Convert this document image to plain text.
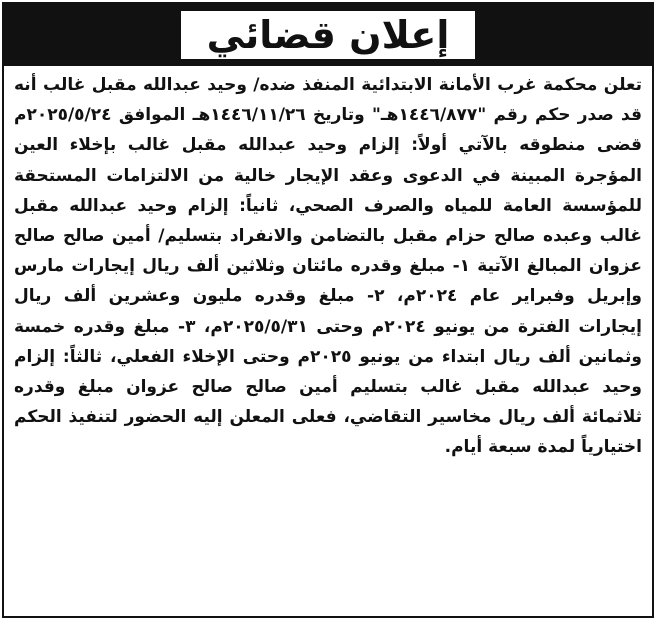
إعلان قضائي
تعلن محكمة غرب الأمانة الابتدائية المنفذ ضده/ وحيد عبدالله مقبل غالب أنه قد صدر حكم رقم "١٤٤٦/٨٧٧هـ" وتاريخ ١٤٤٦/١١/٢٦هـ الموافق ٢٠٢٥/٥/٢٤م قضى منطوقه بالآتي أولاً: إلزام وحيد عبدالله مقبل غالب بإخلاء العين المؤجرة المبينة في الدعوى وعقد الإيجار خالية من الالتزامات المستحقة للمؤسسة العامة للمياه والصرف الصحي، ثانياً: إلزام وحيد عبدالله مقبل غالب وعبده صالح حزام مقبل بالتضامن والانفراد بتسليم/ أمين صالح صالح عزوان المبالغ الآتية ١- مبلغ وقدره مائتان وثلاثين ألف ريال إيجارات مارس وإبريل وفبراير عام ٢٠٢٤م، ٢- مبلغ وقدره مليون وعشرين ألف ريال إيجارات الفترة من يونيو ٢٠٢٤م وحتى ٢٠٢٥/٥/٣١م، ٣- مبلغ وقدره خمسة وثمانين ألف ريال ابتداء من يونيو ٢٠٢٥م وحتى الإخلاء الفعلي، ثالثاً: إلزام وحيد عبدالله مقبل غالب بتسليم أمين صالح صالح عزوان مبلغ وقدره ثلاثمائة ألف ريال مخاسير التقاضي، فعلى المعلن إليه الحضور لتنفيذ الحكم اختيارياً لمدة سبعة أيام.
